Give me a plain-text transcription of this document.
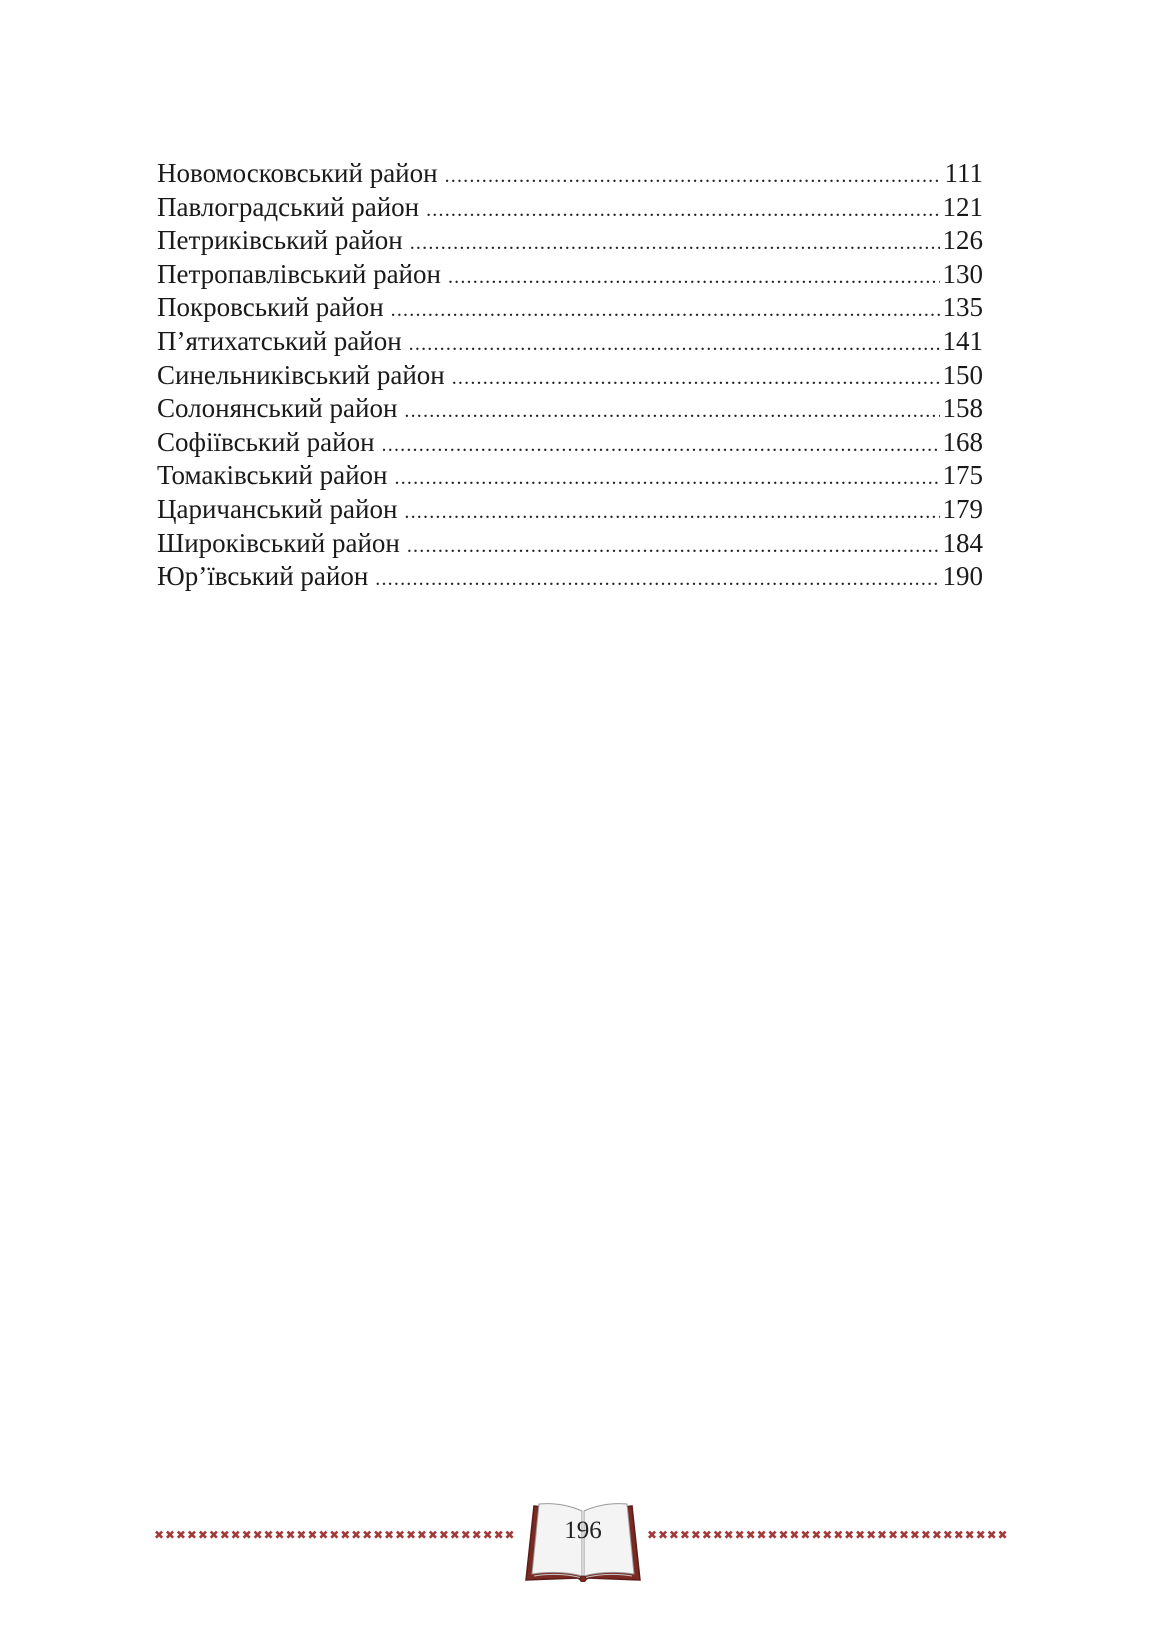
Новомосковський район .....	111
Павлоградський район .....	121
Петриківський район .....	126
Петропавлівський район .....	130
Покровський район .....	135
П’ятихатський район .....	141
Синельниківський район .....	150
Солонянський район .....	158
Софіївський район .....	168
Томаківський район .....	175
Царичанський район .....	179
Широківський район .....	184
Юр’ївський район .....	190
✖✖✖✖✖✖✖✖✖✖✖✖✖✖✖✖✖✖✖✖✖✖✖✖✖✖✖✖✖✖✖✖✖✖✖✖✖✖✖✖
196
✖✖✖✖✖✖✖✖✖✖✖✖✖✖✖✖✖✖✖✖✖✖✖✖✖✖✖✖✖✖✖✖✖✖✖✖✖✖✖✖
